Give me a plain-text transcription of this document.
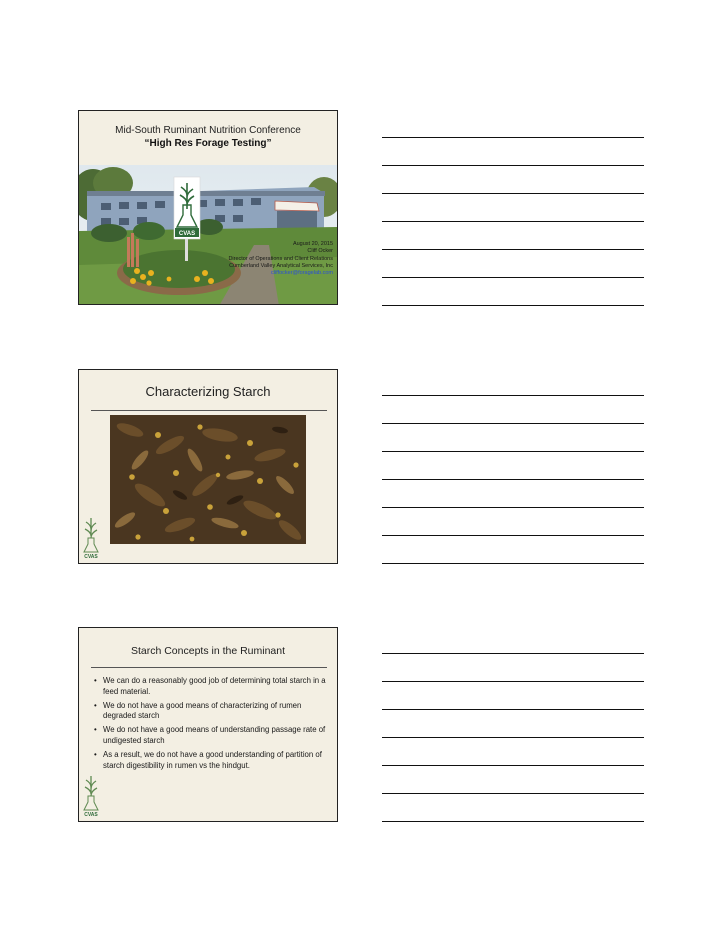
Mid-South Ruminant Nutrition Conference
“High Res Forage Testing”
CVAS
August 20, 2015
Cliff Ocker
Director of Operations and Client Relations
Cumberland Valley Analytical Services, Inc
cliffocker@foragelab.com
Characterizing Starch
CVAS
Starch Concepts in the Ruminant
• We can do a reasonably good job of determining total starch in a feed material.
• We do not have a good means of characterizing of rumen degraded starch
• We do not have a good means of understanding passage rate of undigested starch
• As a result, we do not have a good understanding of partition of starch digestibility in rumen vs the hindgut.
CVAS
